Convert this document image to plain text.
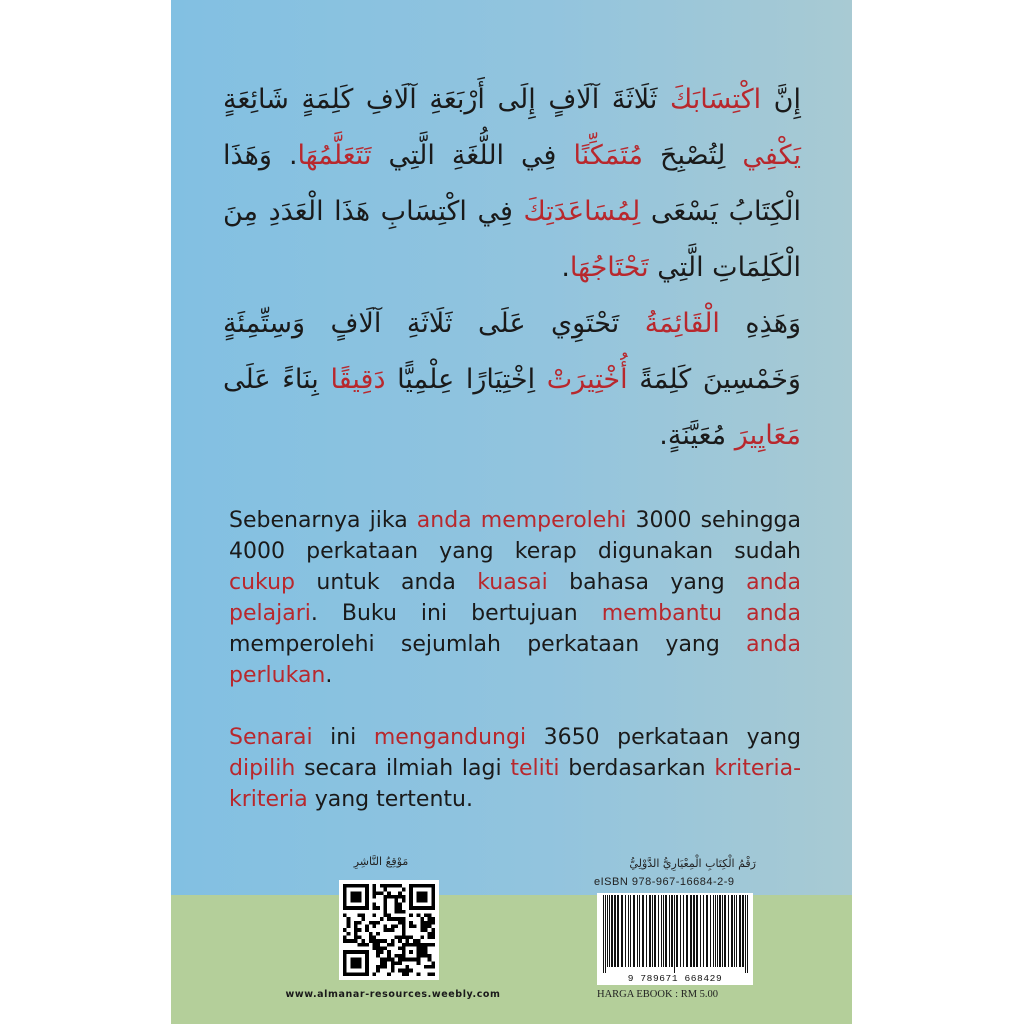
إِنَّ اكْتِسَابَكَ ثَلَاثَةَ آلَافٍ إِلَى أَرْبَعَةِ آلَافِ كَلِمَةٍ شَائِعَةٍ يَكْفِي لِتُصْبِحَ مُتَمَكِّنًا فِي اللُّغَةِ الَّتِي تَتَعَلَّمُهَا. وَهَذَا الْكِتَابُ يَسْعَى لِمُسَاعَدَتِكَ فِي اكْتِسَابِ هَذَا الْعَدَدِ مِنَ الْكَلِمَاتِ الَّتِي تَحْتَاجُهَا.

وَهَذِهِ الْقَائِمَةُ تَحْتَوِي عَلَى ثَلَاثَةِ آلَافٍ وَسِتِّمِئَةٍ وَخَمْسِينَ كَلِمَةً أُخْتِيرَتْ اِخْتِيَارًا عِلْمِيًّا دَقِيقًا بِنَاءً عَلَى مَعَايِيرَ مُعَيَّنَةٍ.

Sebenarnya jika anda memperolehi 3000 sehingga 4000 perkataan yang kerap digunakan sudah cukup untuk anda kuasai bahasa yang anda pelajari. Buku ini bertujuan membantu anda memperolehi sejumlah perkataan yang anda perlukan.

Senarai ini mengandungi 3650 perkataan yang dipilih secara ilmiah lagi teliti berdasarkan kriteria-kriteria yang tertentu.

مَوْقِعُ النَّاشِرِ
www.almanar-resources.weebly.com
رَقْمُ الْكِتَابِ الْمِعْيَارِيُّ الدَّوْلِيُّ
eISBN 978-967-16684-2-9
9 789671 668429
HARGA EBOOK : RM 5.00
